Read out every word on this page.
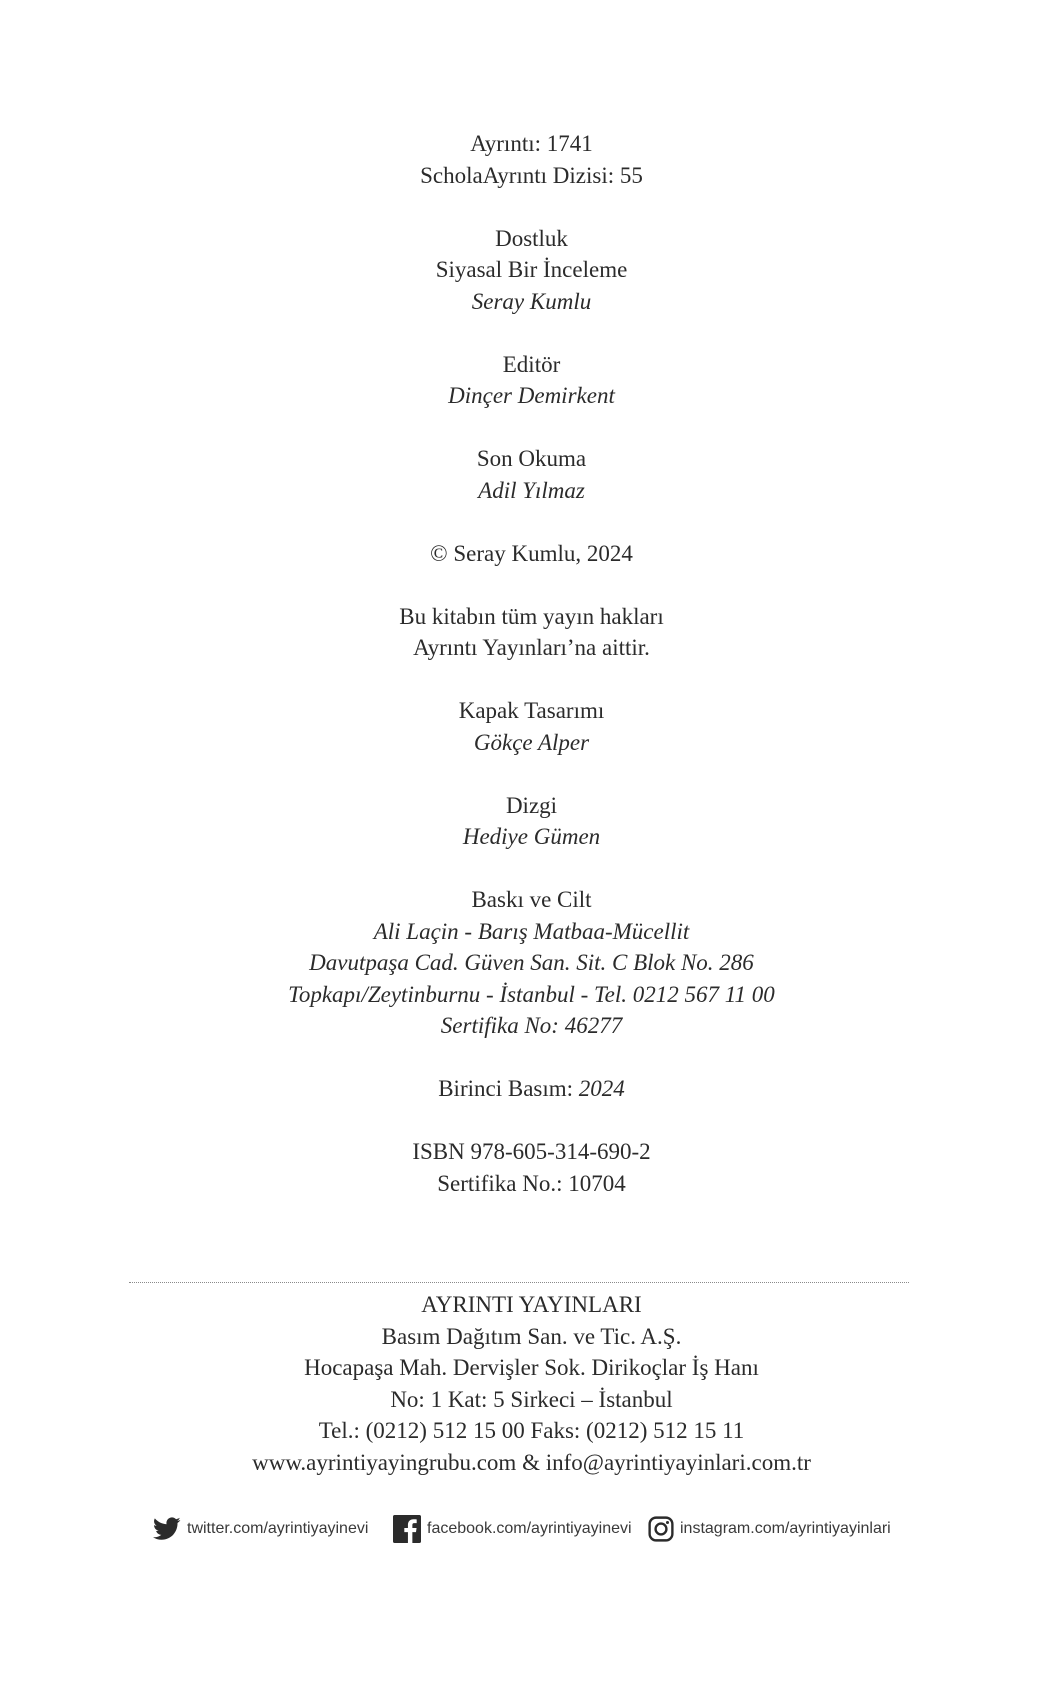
Ayrıntı: 1741
ScholaAyrıntı Dizisi: 55
Dostluk
Siyasal Bir İnceleme
Seray Kumlu
Editör
Dinçer Demirkent
Son Okuma
Adil Yılmaz
© Seray Kumlu, 2024
Bu kitabın tüm yayın hakları
Ayrıntı Yayınları’na aittir.
Kapak Tasarımı
Gökçe Alper
Dizgi
Hediye Gümen
Baskı ve Cilt
Ali Laçin - Barış Matbaa-Mücellit
Davutpaşa Cad. Güven San. Sit. C Blok No. 286
Topkapı/Zeytinburnu - İstanbul - Tel. 0212 567 11 00
Sertifika No: 46277
Birinci Basım: 2024
ISBN 978-605-314-690-2
Sertifika No.: 10704
AYRINTI YAYINLARI
Basım Dağıtım San. ve Tic. A.Ş.
Hocapaşa Mah. Dervişler Sok. Dirikoçlar İş Hanı
No: 1 Kat: 5 Sirkeci – İstanbul
Tel.: (0212) 512 15 00 Faks: (0212) 512 15 11
www.ayrintiyayingrubu.com & info@ayrintiyayinlari.com.tr
twitter.com/ayrintiyayinevi	facebook.com/ayrintiyayinevi	instagram.com/ayrintiyayinlari
